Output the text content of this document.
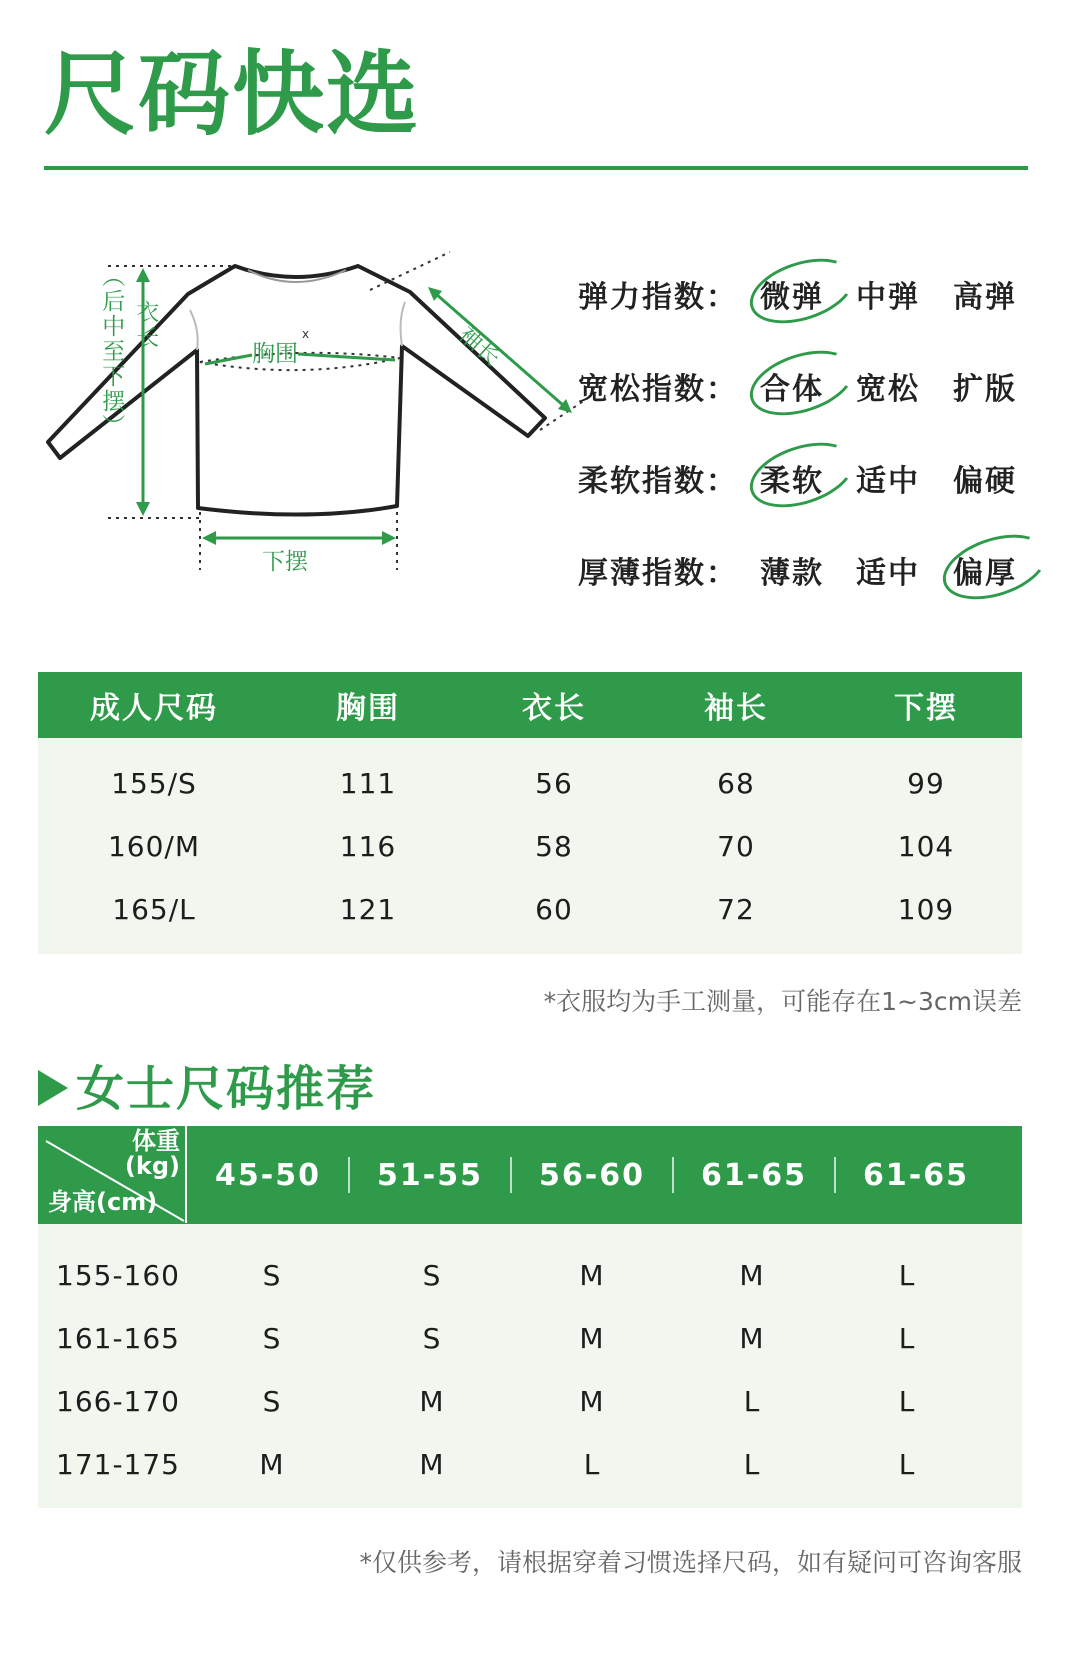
尺码快选
x
衣长
（后中至下摆）	胸围	袖长
下摆
弹力指数： 微弹 中弹 高弹
宽松指数： 合体 宽松 扩版
柔软指数： 柔软 适中 偏硬
厚薄指数： 薄款 适中 偏厚
成人尺码	胸围	衣长	袖长	下摆
155/S	111	56	68	99
160/M	116	58	70	104
165/L	121	60	72	109
*衣服均为手工测量，可能存在1~3cm误差
女士尺码推荐
体重
(kg)
身高(cm)
45-50	51-55	56-60	61-65	61-65
155-160	S	S	M	M	L
161-165	S	S	M	M	L
166-170	S	M	M	L	L
171-175	M	M	L	L	L
*仅供参考，请根据穿着习惯选择尺码，如有疑问可咨询客服
